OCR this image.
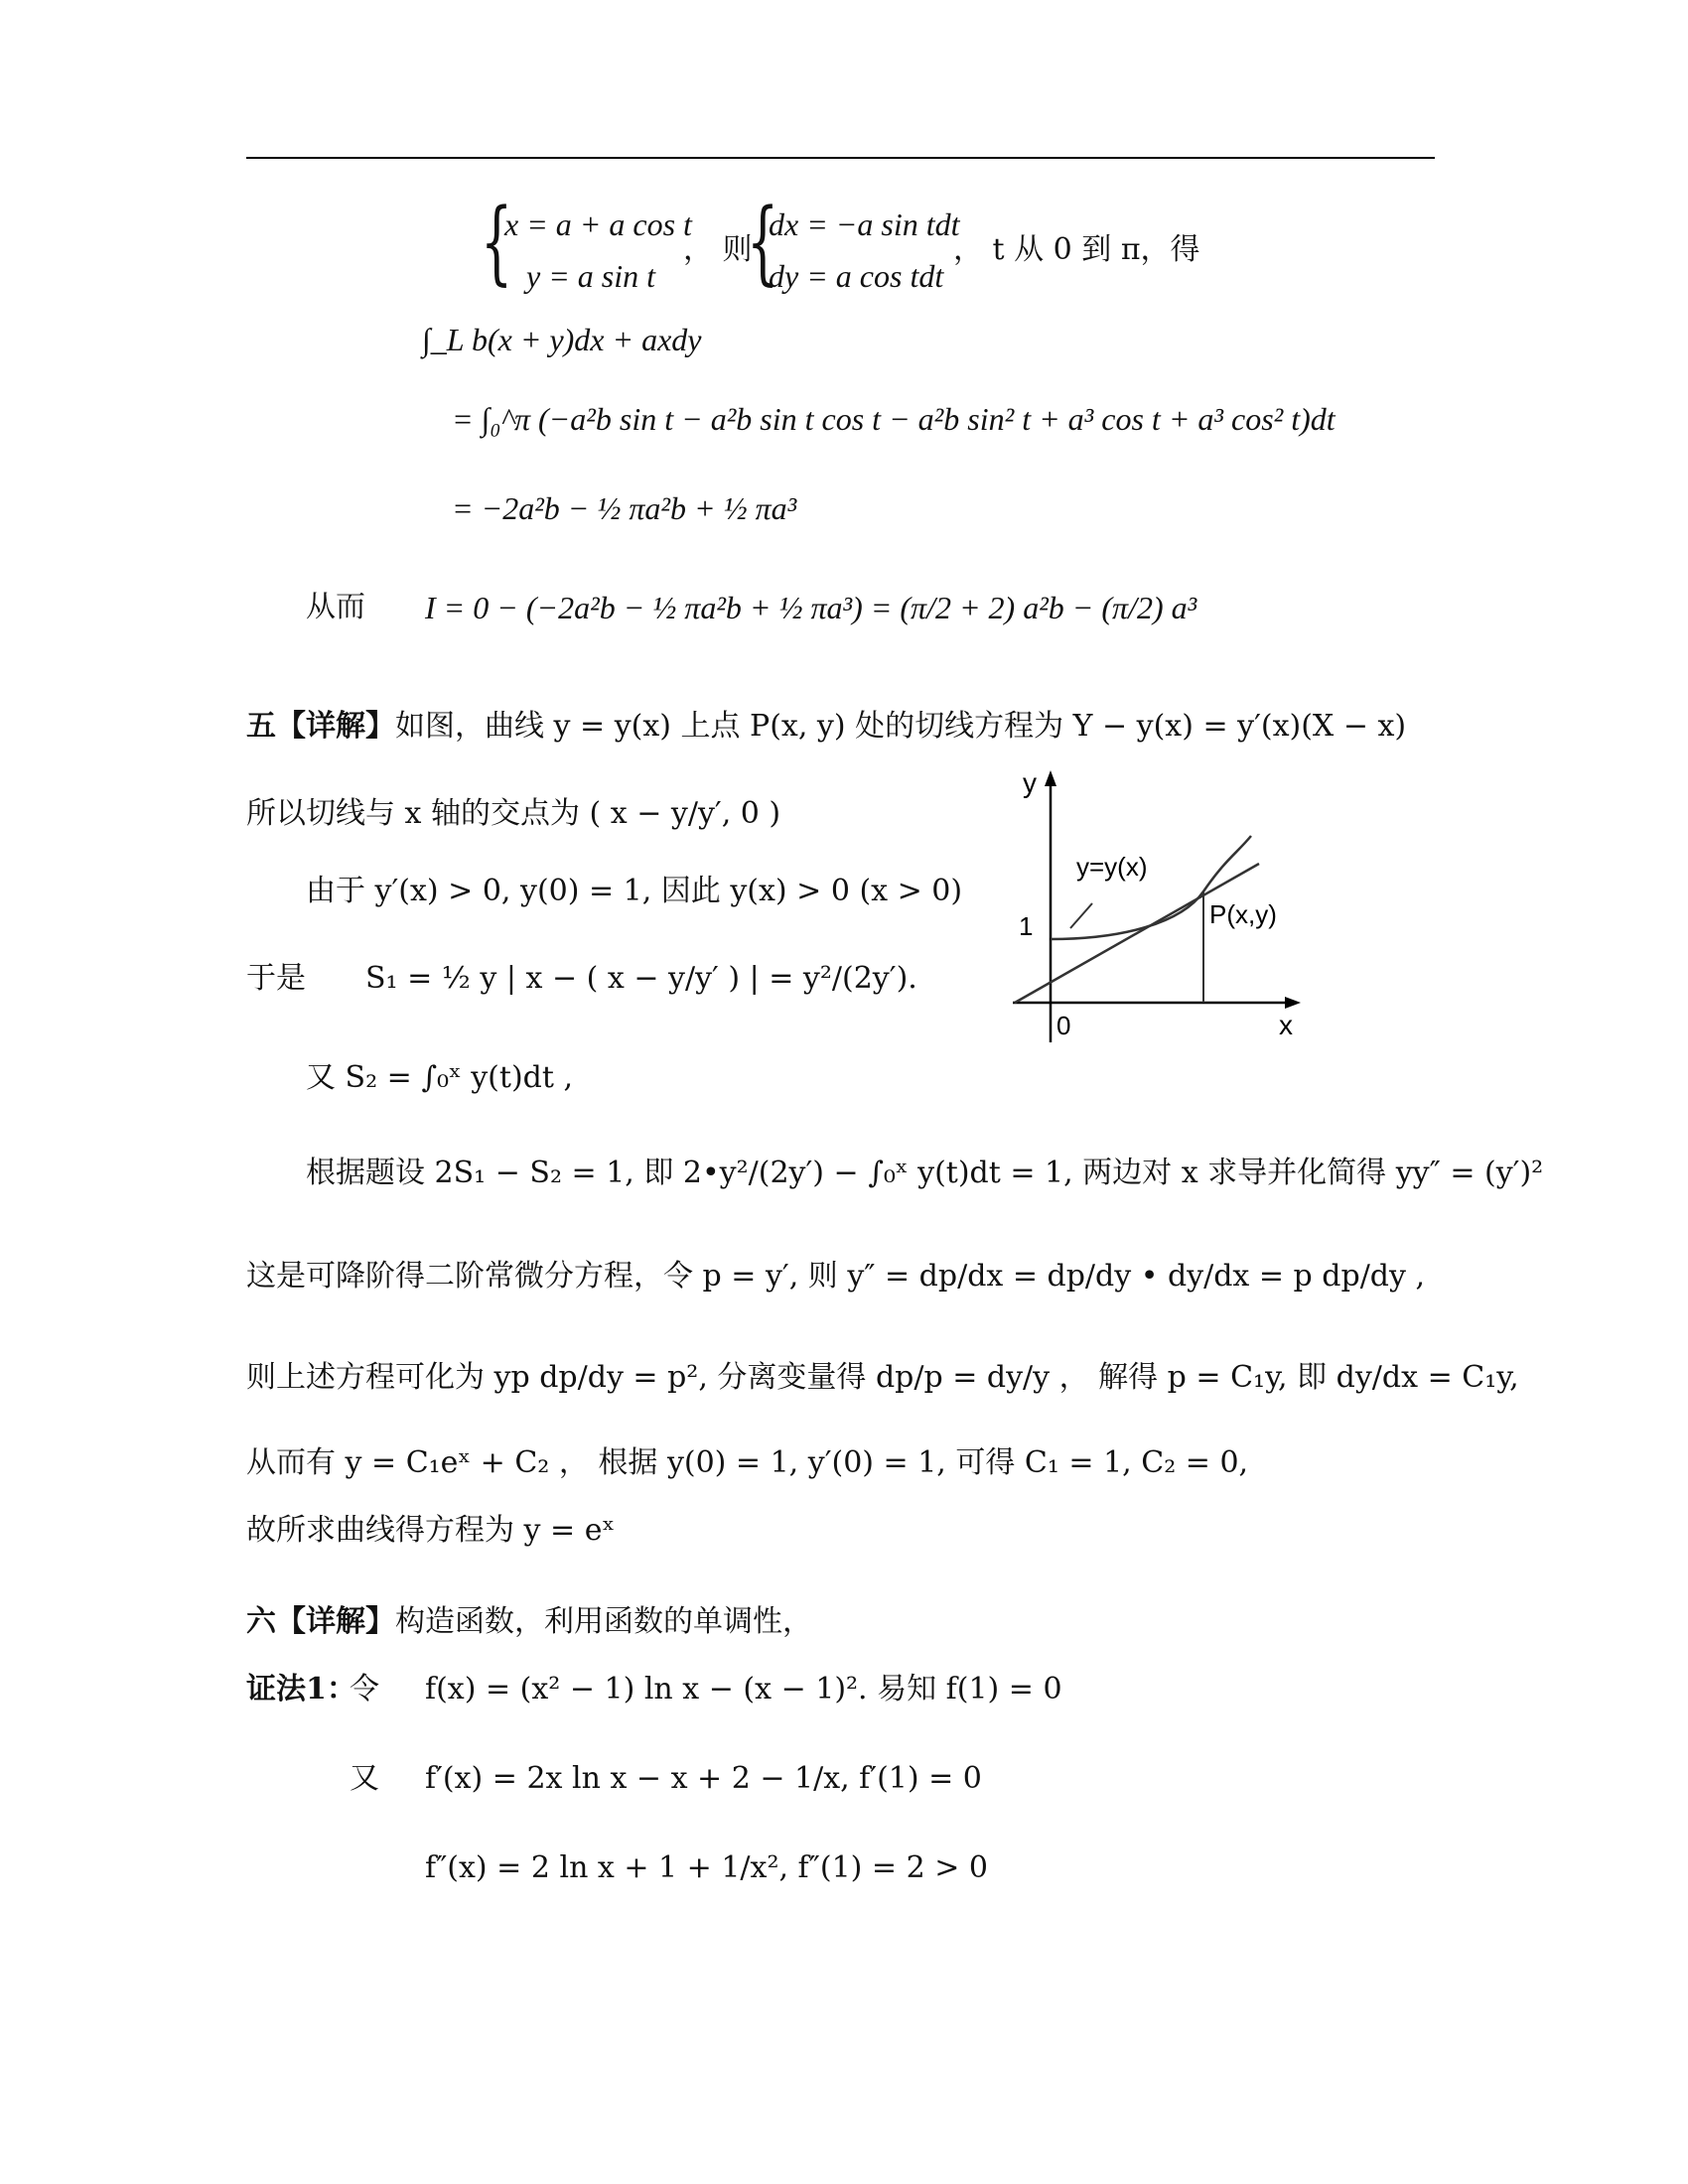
{
x = a + a cos t
y = a sin t
， 则
{
dx = −a sin tdt
dy = a cos tdt
， t 从 0 到 π，得
∫_L b(x + y)dx + axdy
= ∫₀^π (−a²b sin t − a²b sin t cos t − a²b sin² t + a³ cos t + a³ cos² t)dt
= −2a²b − ½ πa²b + ½ πa³
从而 I = 0 − (−2a²b − ½ πa²b + ½ πa³) = (π/2 + 2) a²b − (π/2) a³
五【详解】 如图，曲线 y = y(x) 上点 P(x, y) 处的切线方程为 Y − y(x) = y′(x)(X − x)
所以切线与 x 轴的交点为 ( x − y/y′, 0 )
由于 y′(x) > 0, y(0) = 1, 因此 y(x) > 0 (x > 0)
于是 S₁ = ½ y | x − ( x − y/y′ ) | = y²/(2y′).
又 S₂ = ∫₀ˣ y(t)dt ,
根据题设 2S₁ − S₂ = 1, 即 2•y²/(2y′) − ∫₀ˣ y(t)dt = 1, 两边对 x 求导并化简得 yy″ = (y′)²
这是可降阶得二阶常微分方程，令 p = y′, 则 y″ = dp/dx = dp/dy • dy/dx = p dp/dy ,
则上述方程可化为 yp dp/dy = p², 分离变量得 dp/p = dy/y ， 解得 p = C₁y, 即 dy/dx = C₁y,
从而有 y = C₁eˣ + C₂ ， 根据 y(0) = 1, y′(0) = 1, 可得 C₁ = 1, C₂ = 0,
故所求曲线得方程为 y = eˣ
y
x
0
1
y=y(x)
P(x,y)
六【详解】 构造函数，利用函数的单调性，
证法1：
令 f(x) = (x² − 1) ln x − (x − 1)². 易知 f(1) = 0
又 f′(x) = 2x ln x − x + 2 − 1/x, f′(1) = 0
f″(x) = 2 ln x + 1 + 1/x², f″(1) = 2 > 0
